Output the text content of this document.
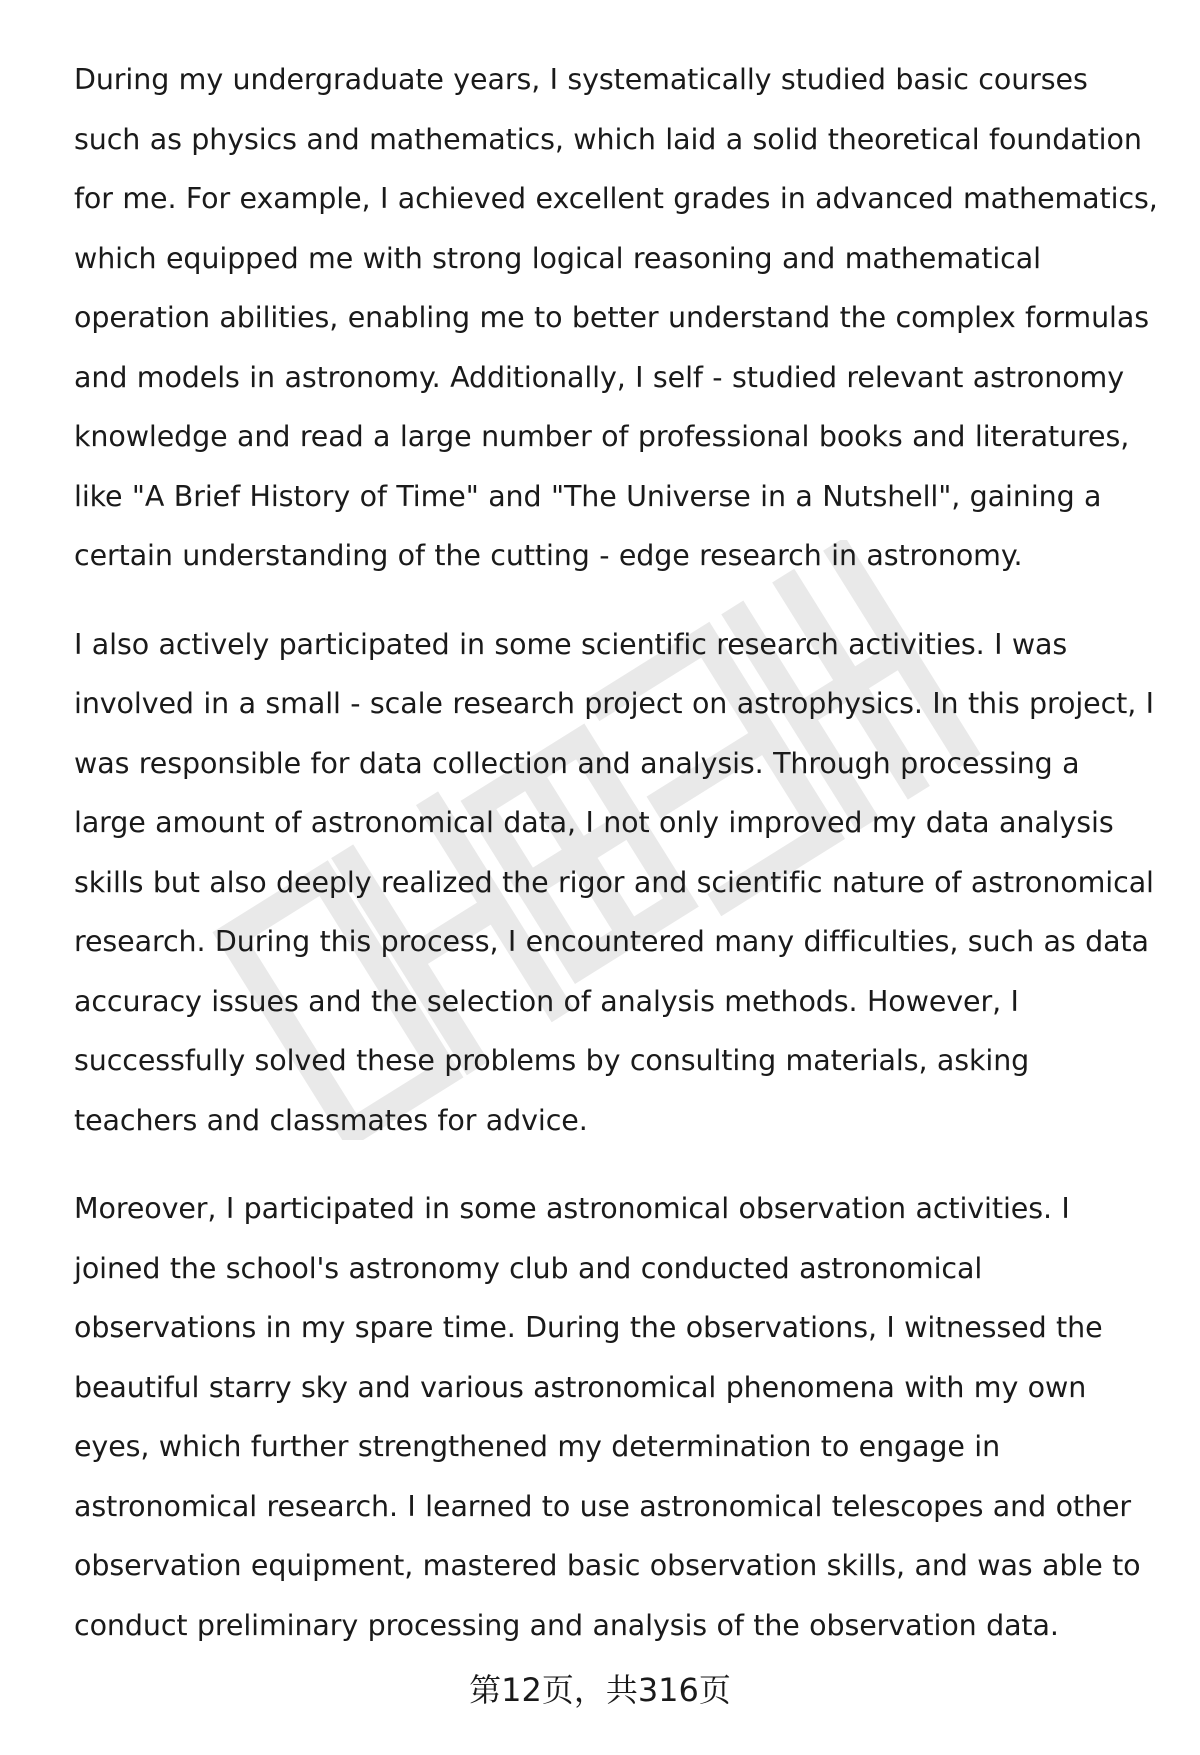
During my undergraduate years, I systematically studied basic courses such as physics and mathematics, which laid a solid theoretical foundation for me. For example, I achieved excellent grades in advanced mathematics, which equipped me with strong logical reasoning and mathematical operation abilities, enabling me to better understand the complex formulas and models in astronomy. Additionally, I self - studied relevant astronomy knowledge and read a large number of professional books and literatures, like "A Brief History of Time" and "The Universe in a Nutshell", gaining a certain understanding of the cutting - edge research in astronomy.

I also actively participated in some scientific research activities. I was involved in a small - scale research project on astrophysics. In this project, I was responsible for data collection and analysis. Through processing a large amount of astronomical data, I not only improved my data analysis skills but also deeply realized the rigor and scientific nature of astronomical research. During this process, I encountered many difficulties, such as data accuracy issues and the selection of analysis methods. However, I successfully solved these problems by consulting materials, asking teachers and classmates for advice.

Moreover, I participated in some astronomical observation activities. I joined the school's astronomy club and conducted astronomical observations in my spare time. During the observations, I witnessed the beautiful starry sky and various astronomical phenomena with my own eyes, which further strengthened my determination to engage in astronomical research. I learned to use astronomical telescopes and other observation equipment, mastered basic observation skills, and was able to conduct preliminary processing and analysis of the observation data.

第12页，共316页
